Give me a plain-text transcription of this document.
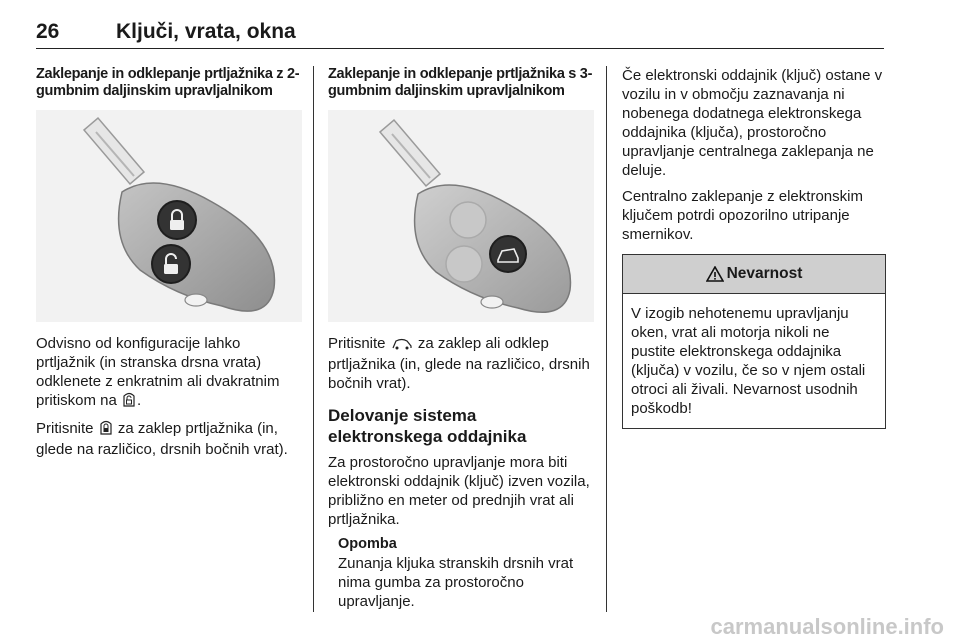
26	Ključi, vrata, okna

Zaklepanje in odklepanje prtljažnika z 2-gumbnim daljinskim upravljalnikom

Odvisno od konfiguracije lahko prtljažnik (in stranska drsna vrata) odklenete z enkratnim ali dvakratnim pritiskom na .

Pritisnite za zaklep prtljažnika (in, glede na različico, drsnih bočnih vrat).

Zaklepanje in odklepanje prtljažnika s 3-gumbnim daljinskim upravljalnikom

Pritisnite za zaklep ali odklep prtljažnika (in, glede na različico, drsnih bočnih vrat).

Delovanje sistema elektronskega oddajnika

Za prostoročno upravljanje mora biti elektronski oddajnik (ključ) izven vozila, približno en meter od prednjih vrat ali prtljažnika.

Opomba

Zunanja kljuka stranskih drsnih vrat nima gumba za prostoročno upravljanje.

Če elektronski oddajnik (ključ) ostane v vozilu in v območju zaznavanja ni nobenega dodatnega elektronskega oddajnika (ključa), prostoročno upravljanje centralnega zaklepanja ne deluje.

Centralno zaklepanje z elektronskim ključem potrdi opozorilno utripanje smernikov.

Nevarnost

V izogib nehotenemu upravljanju oken, vrat ali motorja nikoli ne pustite elektronskega oddajnika (ključa) v vozilu, če so v njem ostali otroci ali živali. Nevarnost usodnih poškodb!

carmanualsonline.info
